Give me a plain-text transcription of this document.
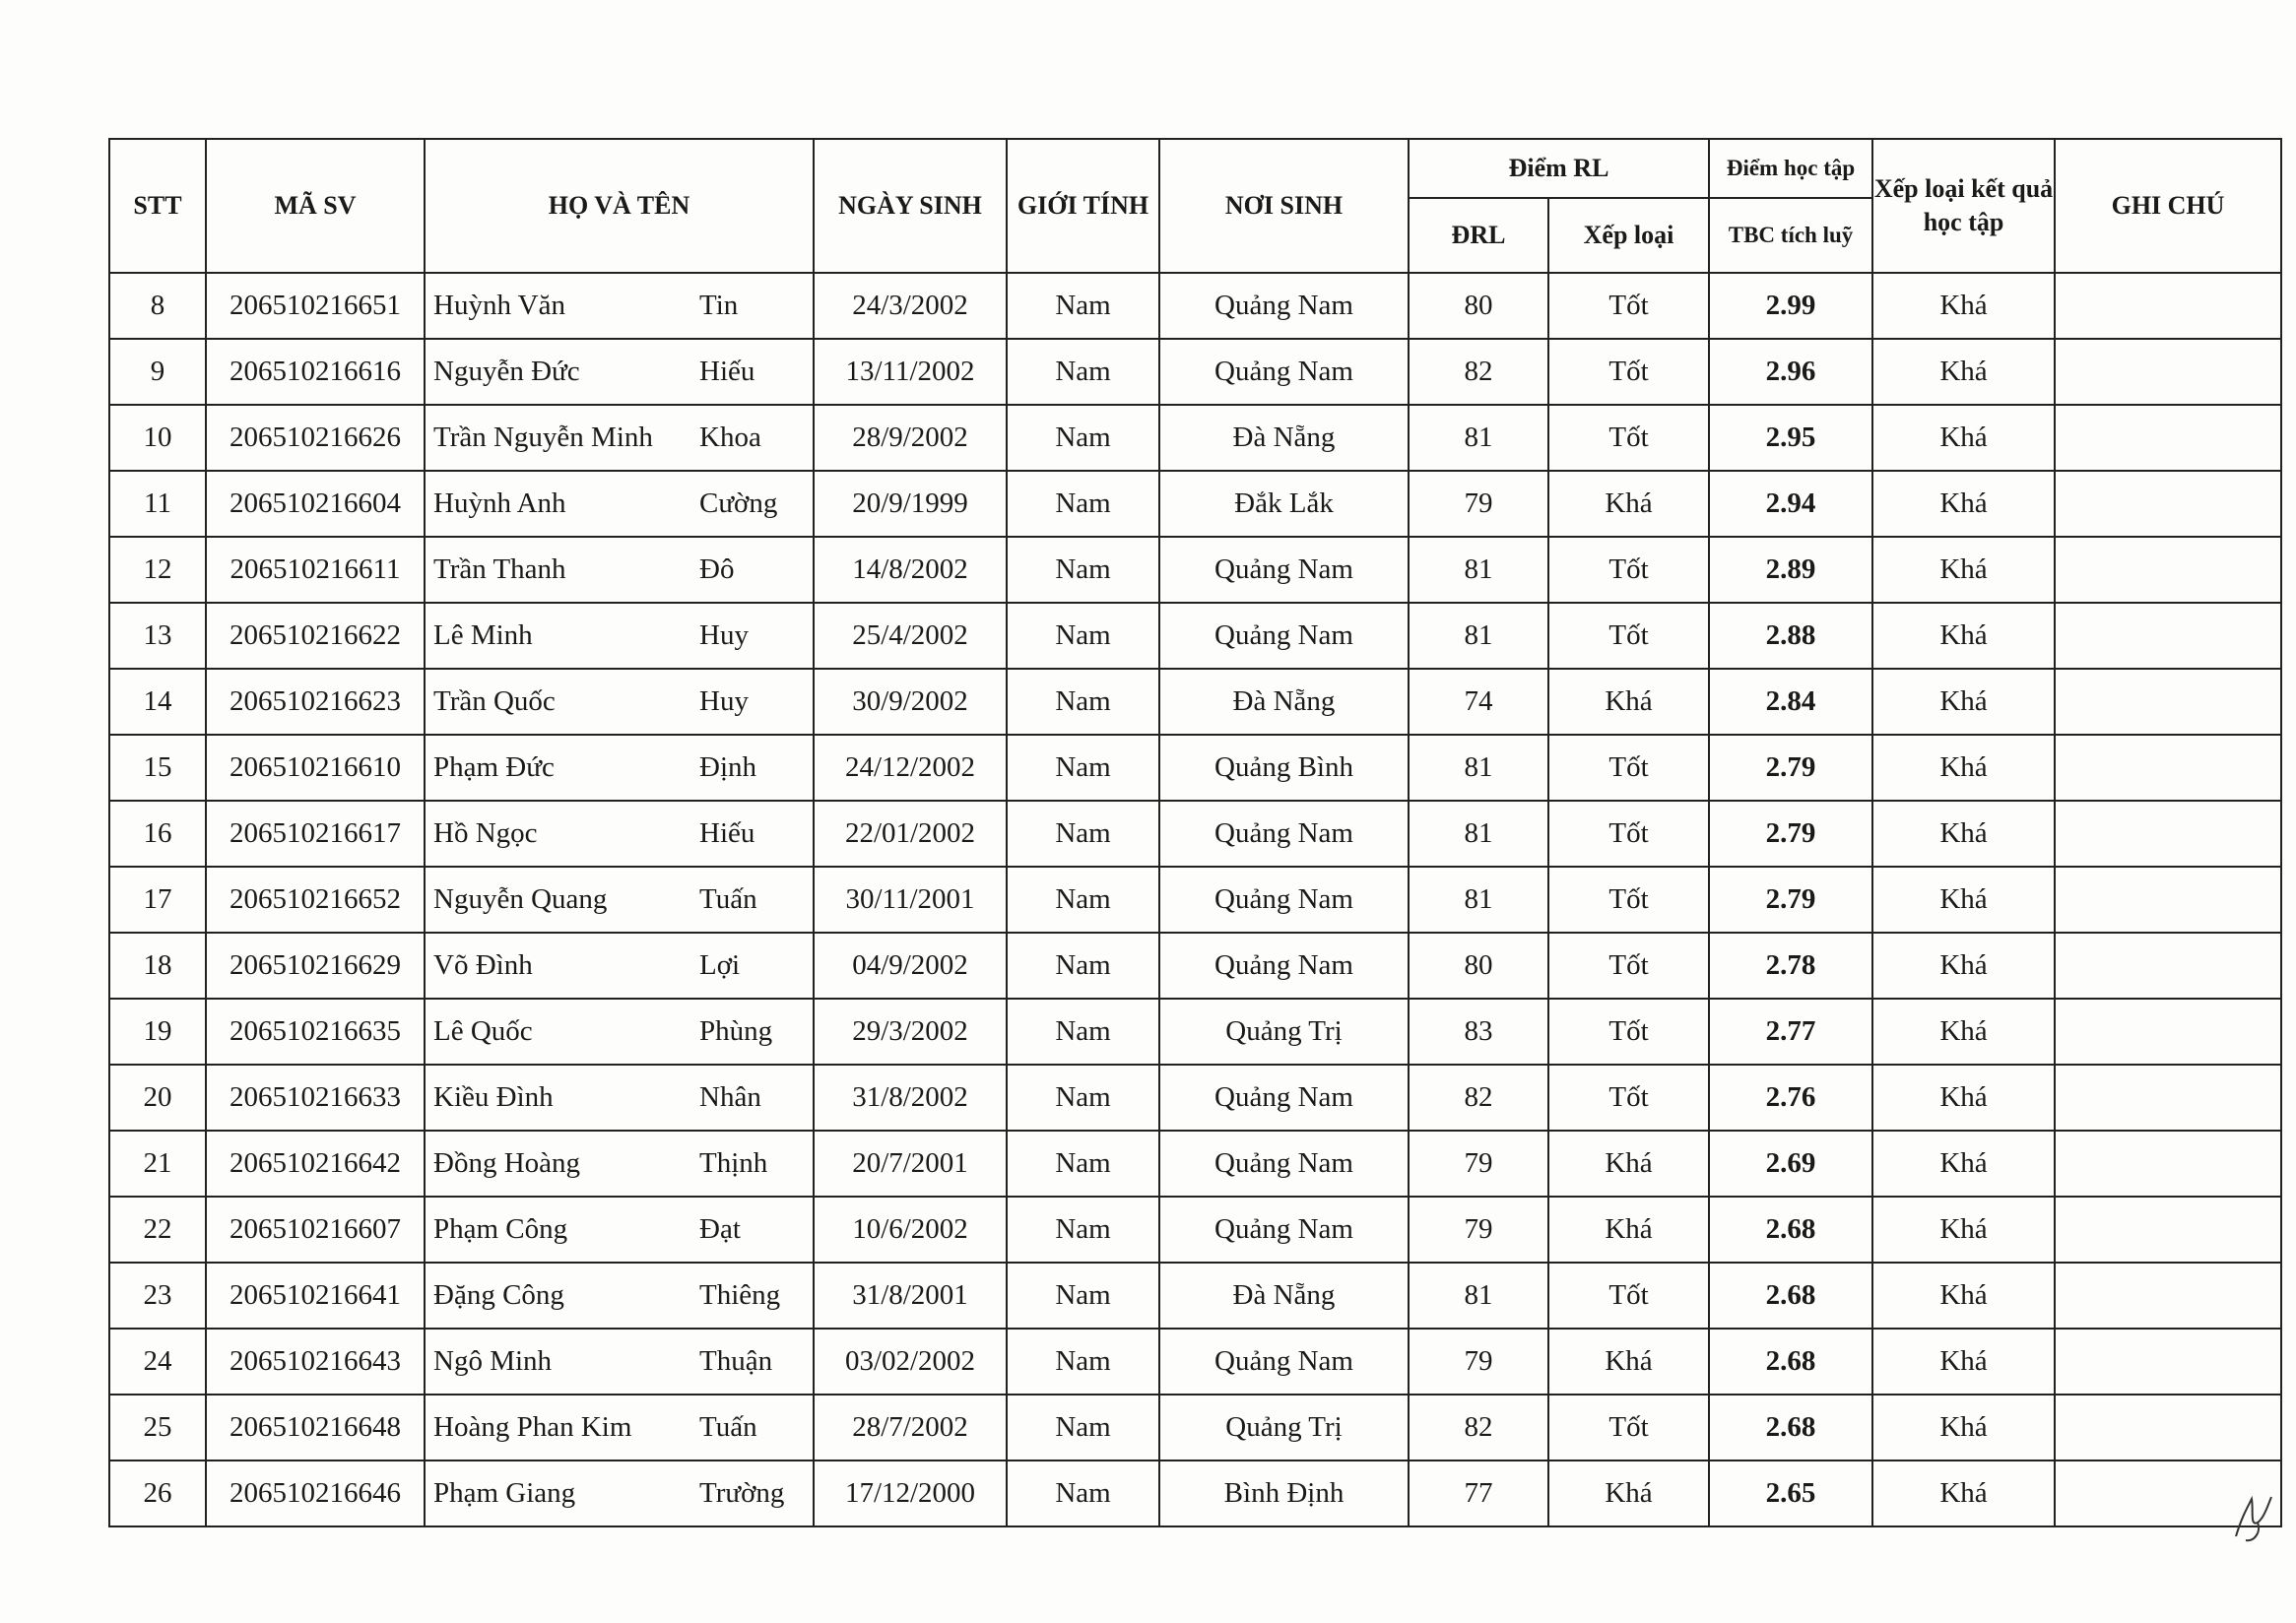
STT	MÃ SV	HỌ VÀ TÊN	NGÀY SINH	GIỚI TÍNH	NƠI SINH	Điểm RL		Điểm học tập	Xếp loại kết quả học tập	GHI CHÚ
						ĐRL	Xếp loại	TBC tích luỹ		
8	206510216651	Huỳnh Văn Tin	24/3/2002	Nam	Quảng Nam	80	Tốt	2.99	Khá	
9	206510216616	Nguyễn Đức Hiếu	13/11/2002	Nam	Quảng Nam	82	Tốt	2.96	Khá	
10	206510216626	Trần Nguyễn Minh Khoa	28/9/2002	Nam	Đà Nẵng	81	Tốt	2.95	Khá	
11	206510216604	Huỳnh Anh Cường	20/9/1999	Nam	Đắk Lắk	79	Khá	2.94	Khá	
12	206510216611	Trần Thanh Đô	14/8/2002	Nam	Quảng Nam	81	Tốt	2.89	Khá	
13	206510216622	Lê Minh Huy	25/4/2002	Nam	Quảng Nam	81	Tốt	2.88	Khá	
14	206510216623	Trần Quốc Huy	30/9/2002	Nam	Đà Nẵng	74	Khá	2.84	Khá	
15	206510216610	Phạm Đức Định	24/12/2002	Nam	Quảng Bình	81	Tốt	2.79	Khá	
16	206510216617	Hồ Ngọc Hiếu	22/01/2002	Nam	Quảng Nam	81	Tốt	2.79	Khá	
17	206510216652	Nguyễn Quang Tuấn	30/11/2001	Nam	Quảng Nam	81	Tốt	2.79	Khá	
18	206510216629	Võ Đình Lợi	04/9/2002	Nam	Quảng Nam	80	Tốt	2.78	Khá	
19	206510216635	Lê Quốc Phùng	29/3/2002	Nam	Quảng Trị	83	Tốt	2.77	Khá	
20	206510216633	Kiều Đình Nhân	31/8/2002	Nam	Quảng Nam	82	Tốt	2.76	Khá	
21	206510216642	Đồng Hoàng Thịnh	20/7/2001	Nam	Quảng Nam	79	Khá	2.69	Khá	
22	206510216607	Phạm Công Đạt	10/6/2002	Nam	Quảng Nam	79	Khá	2.68	Khá	
23	206510216641	Đặng Công Thiêng	31/8/2001	Nam	Đà Nẵng	81	Tốt	2.68	Khá	
24	206510216643	Ngô Minh Thuận	03/02/2002	Nam	Quảng Nam	79	Khá	2.68	Khá	
25	206510216648	Hoàng Phan Kim Tuấn	28/7/2002	Nam	Quảng Trị	82	Tốt	2.68	Khá	
26	206510216646	Phạm Giang Trường	17/12/2000	Nam	Bình Định	77	Khá	2.65	Khá	
